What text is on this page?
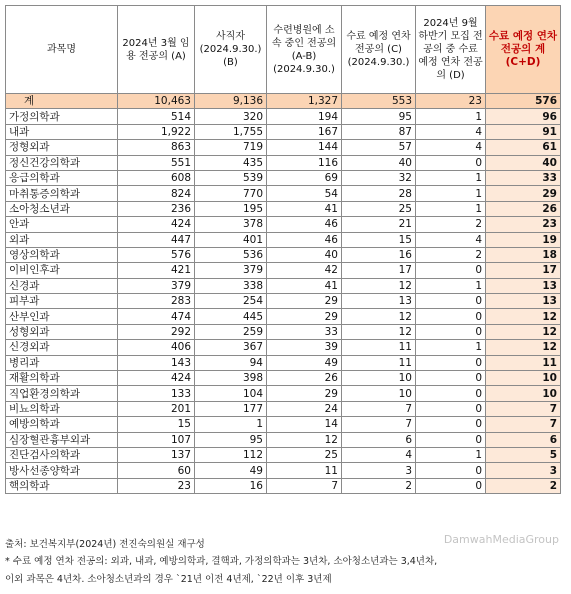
과목명	2024년 3월 임용 전공의 (A)	사직자 (2024.9.30.) (B)	수련병원에 소속 중인 전공의 (A-B) (2024.9.30.)	수료 예정 연차 전공의 (C) (2024.9.30.)	2024년 9월 하반기 모집 전공의 중 수료 예정 연차 전공의 (D)	수료 예정 연차 전공의 계 (C+D)
계	10,463	9,136	1,327	553	23	576
가정의학과	514	320	194	95	1	96
내과	1,922	1,755	167	87	4	91
정형외과	863	719	144	57	4	61
정신건강의학과	551	435	116	40	0	40
응급의학과	608	539	69	32	1	33
마취통증의학과	824	770	54	28	1	29
소아청소년과	236	195	41	25	1	26
안과	424	378	46	21	2	23
외과	447	401	46	15	4	19
영상의학과	576	536	40	16	2	18
이비인후과	421	379	42	17	0	17
신경과	379	338	41	12	1	13
피부과	283	254	29	13	0	13
산부인과	474	445	29	12	0	12
성형외과	292	259	33	12	0	12
신경외과	406	367	39	11	1	12
병리과	143	94	49	11	0	11
재활의학과	424	398	26	10	0	10
직업환경의학과	133	104	29	10	0	10
비뇨의학과	201	177	24	7	0	7
예방의학과	15	1	14	7	0	7
심장혈관흉부외과	107	95	12	6	0	6
진단검사의학과	137	112	25	4	1	5
방사선종양학과	60	49	11	3	0	3
핵의학과	23	16	7	2	0	2
출처: 보건복지부(2024년) 전진숙의원실 재구성
* 수료 예정 연차 전공의: 외과, 내과, 예방의학과, 결핵과, 가정의학과는 3년차, 소아청소년과는 3,4년차,
이외 과목은 4년차. 소아청소년과의 경우 `21년 이전 4년제, `22년 이후 3년제
DamwahMediaGroup
